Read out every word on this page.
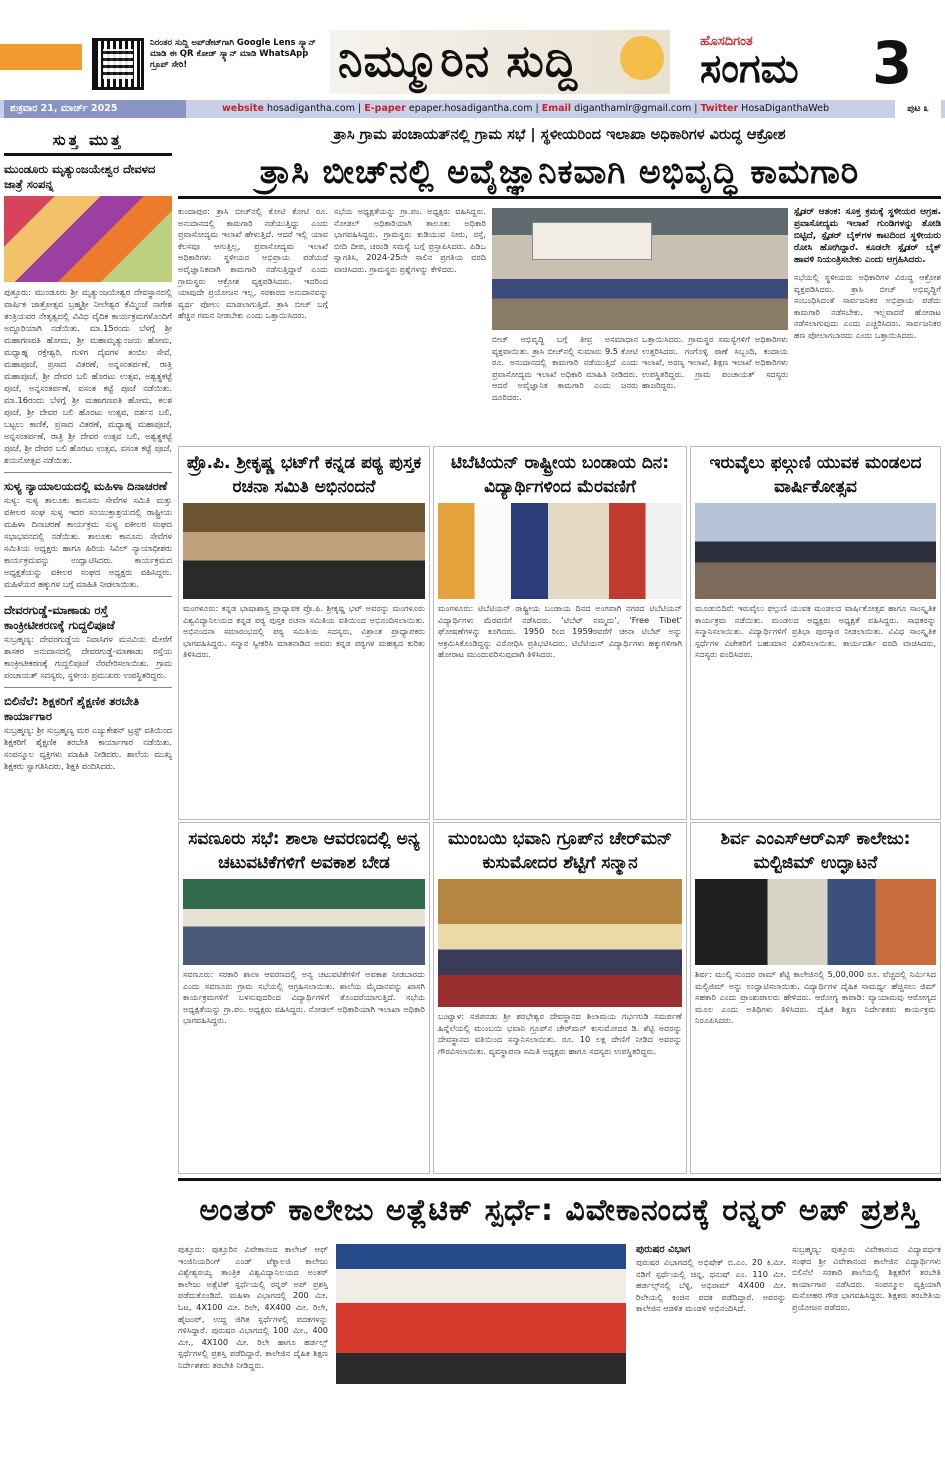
ನಿರಂತರ ಸುದ್ದಿ ಅಪ್‌ಡೇಟ್‌ಗಾಗಿ Google Lens ಸ್ಕ್ಯಾನ್ ಮಾಡಿ ಈ QR ಕೋಡ್ ಸ್ಕ್ಯಾನ್ ಮಾಡಿ WhatsApp ಗ್ರೂಪ್ ಸೇರಿ!	ನಿಮ್ಮೂರಿನ ಸುದ್ದಿ	ಹೊಸದಿಗಂತ
ಸಂಗಮ 3
ಶುಕ್ರವಾರ 21, ಮಾರ್ಚ್ 2025	website hosadigantha.com | E-paper epaper.hosadigantha.com | Email diganthamlr@gmail.com | Twitter HosaDiganthaWeb	ಪುಟ ೩
ಸುತ್ತ ಮುತ್ತ
ಮುಂಡೂರು ಮೃತ್ಯುಂಜಯೇಶ್ವರ ದೇವಳದ ಜಾತ್ರೆ ಸಂಪನ್ನ
ಪುತ್ತೂರು: ಮುಂಡೂರು ಶ್ರೀ ಮೃತ್ಯುಂಜಯೇಶ್ವರ ದೇವಸ್ಥಾನದಲ್ಲಿ ವಾರ್ಷಿಕ ಜಾತ್ರೋತ್ಸವ ಬ್ರಹ್ಮಶ್ರೀ ನೀಲೇಶ್ವರ ಕೆಮ್ಮಿಂಜೆ ನಾಗೇಶ ತಂತ್ರಿಯವರ ನೇತೃತ್ವದಲ್ಲಿ ವಿವಿಧ ವೈದಿಕ ಕಾರ್ಯಕ್ರಮಗಳೊಂದಿಗೆ ಅದ್ದೂರಿಯಾಗಿ ನಡೆಯಿತು. ಮಾ.15ರಂದು ಬೆಳಗ್ಗೆ ಶ್ರೀ ಮಹಾಗಣಪತಿ ಹೋಮ, ಶ್ರೀ ಮಹಾಮೃತ್ಯುಂಜಯ ಹೋಮ, ಮಧ್ಯಾಹ್ನ ರಕ್ತೇಶ್ವರಿ, ಗುಳಿಗ ದೈವಗಳ ತಂಬಿಲ ಸೇವೆ, ಮಹಾಪೂಜೆ, ಪ್ರಸಾದ ವಿತರಣೆ, ಅನ್ನಸಂತರ್ಪಣೆ, ರಾತ್ರಿ ಮಹಾಪೂಜೆ, ಶ್ರೀ ದೇವರ ಬಲಿ ಹೊರಟು ಉತ್ಸವ, ಅಶ್ವತ್ಥಕಟ್ಟೆ ಪೂಜೆ, ಅನ್ನಸಂತರ್ಪಣೆ, ವಸಂತ ಕಟ್ಟೆ ಪೂಜೆ ನಡೆಯಿತು. ಮಾ.16ರಂದು ಬೆಳಗ್ಗೆ ಶ್ರೀ ಮಹಾಗಣಪತಿ ಹೋಮ, ಕಲಶ ಪೂಜೆ, ಶ್ರೀ ದೇವರ ಬಲಿ ಹೊರಟು ಉತ್ಸವ, ದರ್ಶನ ಬಲಿ, ಬಟ್ಟಲು ಕಾಣಿಕೆ, ಪ್ರಸಾದ ವಿತರಣೆ, ಮಧ್ಯಾಹ್ನ ಮಹಾಪೂಜೆ, ಅನ್ನಸಂತರ್ಪಣೆ, ರಾತ್ರಿ ಶ್ರೀ ದೇವರ ಉತ್ಸವ ಬಲಿ, ಅಶ್ವತ್ಥಕಟ್ಟೆ ಪೂಜೆ, ಶ್ರೀ ದೇವರ ಬಲಿ ಹೊರಟು ಉತ್ಸವ, ವಸಂತ ಕಟ್ಟೆ ಪೂಜೆ, ಶಯನೋತ್ಸವ ನಡೆಯಿತು.
ಸುಳ್ಯ ನ್ಯಾಯಾಲಯದಲ್ಲಿ ಮಹಿಳಾ ದಿನಾಚರಣೆ
ಸುಳ್ಯ: ಸುಳ್ಯ ತಾಲೂಕು ಕಾನೂನು ಸೇವೆಗಳ ಸಮಿತಿ ಮತ್ತು ವಕೀಲರ ಸಂಘ ಸುಳ್ಯ ಇದರ ಸಂಯುಕ್ತಾಶ್ರಯದಲ್ಲಿ ರಾಷ್ಟ್ರೀಯ ಮಹಿಳಾ ದಿನಾಚರಣೆ ಕಾರ್ಯಕ್ರಮ ಸುಳ್ಯ ವಕೀಲರ ಸಂಘದ ಸಭಾಭವನದಲ್ಲಿ ನಡೆಯಿತು. ತಾಲೂಕು ಕಾನೂನು ಸೇವೆಗಳ ಸಮಿತಿಯ ಅಧ್ಯಕ್ಷರು ಹಾಗೂ ಹಿರಿಯ ಸಿವಿಲ್ ನ್ಯಾಯಾಧೀಶರು ಕಾರ್ಯಕ್ರಮವನ್ನು ಉದ್ಘಾಟಿಸಿದರು. ಕಾರ್ಯಕ್ರಮದ ಅಧ್ಯಕ್ಷತೆಯನ್ನು ವಕೀಲರ ಸಂಘದ ಅಧ್ಯಕ್ಷರು ವಹಿಸಿದ್ದರು. ಮಹಿಳೆಯರ ಹಕ್ಕುಗಳ ಬಗ್ಗೆ ಮಾಹಿತಿ ನೀಡಲಾಯಿತು.
ದೇವರಗುಡ್ಡೆ-ಮಾಣಾಡು ರಸ್ತೆ ಕಾಂಕ್ರೀಟೀಕರಣಕ್ಕೆ ಗುದ್ದಲಿಪೂಜೆ
ಸುಬ್ರಹ್ಮಣ್ಯ: ದೇವರಗುಡ್ಡೆಯ ನಿವಾಸಿಗಳ ಮನವಿಯ ಮೇರೆಗೆ ಶಾಸಕರ ಅನುದಾನದಲ್ಲಿ ದೇವರಗುಡ್ಡೆ-ಮಾಣಾಡು ರಸ್ತೆಯ ಕಾಂಕ್ರೀಟೀಕರಣಕ್ಕೆ ಗುದ್ದಲಿಪೂಜೆ ನೆರವೇರಿಸಲಾಯಿತು. ಗ್ರಾಮ ಪಂಚಾಯತ್ ಸದಸ್ಯರು, ಸ್ಥಳೀಯ ಪ್ರಮುಖರು ಉಪಸ್ಥಿತರಿದ್ದರು.
ಬಿಲಿನೆಲೆ: ಶಿಕ್ಷಕರಿಗೆ ಶೈಕ್ಷಣಿಕ ತರಬೇತಿ ಕಾರ್ಯಾಗಾರ
ಸುಬ್ರಹ್ಮಣ್ಯ: ಶ್ರೀ ಸುಬ್ರಹ್ಮಣ್ಯ ಮಠ ಎಜ್ಯುಕೇಶನ್ ಟ್ರಸ್ಟ್ ವತಿಯಿಂದ ಶಿಕ್ಷಕರಿಗೆ ಶೈಕ್ಷಣಿಕ ತರಬೇತಿ ಕಾರ್ಯಾಗಾರ ನಡೆಯಿತು. ಸಂಪನ್ಮೂಲ ವ್ಯಕ್ತಿಗಳು ಮಾಹಿತಿ ನೀಡಿದರು. ಶಾಲೆಯ ಮುಖ್ಯ ಶಿಕ್ಷಕರು ಸ್ವಾಗತಿಸಿದರು, ಶಿಕ್ಷಕಿ ವಂದಿಸಿದರು.
ತ್ರಾಸಿ ಗ್ರಾಮ ಪಂಚಾಯತ್‌ನಲ್ಲಿ ಗ್ರಾಮ ಸಭೆ | ಸ್ಥಳೀಯರಿಂದ ಇಲಾಖಾ ಅಧಿಕಾರಿಗಳ ವಿರುದ್ಧ ಆಕ್ರೋಶ
ತ್ರಾಸಿ ಬೀಚ್‌ನಲ್ಲಿ ಅವೈಜ್ಞಾನಿಕವಾಗಿ ಅಭಿವೃದ್ಧಿ ಕಾಮಗಾರಿ
ಕುಂದಾಪುರ: ತ್ರಾಸಿ ಬೀಚ್‌ನಲ್ಲಿ ಕೋಟಿ ಕೋಟಿ ರೂ. ಅನುದಾನದಲ್ಲಿ ಕಾಮಗಾರಿ ನಡೆಯುತ್ತಿದ್ದು ಎಂದು ಪ್ರವಾಸೋದ್ಯಮ ಇಲಾಖೆ ಹೇಳುತ್ತಿದೆ. ಆದರೆ ಇಲ್ಲಿ ಯಾವ ಕೆಲಸವೂ ಆಗುತ್ತಿಲ್ಲ, ಪ್ರವಾಸೋದ್ಯಮ ಇಲಾಖೆ ಅಧಿಕಾರಿಗಳು ಸ್ಥಳೀಯರ ಅಭಿಪ್ರಾಯ ಪಡೆಯದೆ ಅವೈಜ್ಞಾನಿಕವಾಗಿ ಕಾಮಗಾರಿ ನಡೆಸುತ್ತಿದ್ದಾರೆ ಎಂದು ಗ್ರಾಮಸ್ಥರು ಆಕ್ರೋಶ ವ್ಯಕ್ತಪಡಿಸಿದರು. ಇದರಿಂದ ಯಾವುದೇ ಪ್ರಯೋಜನ ಇಲ್ಲ, ಸರಕಾರದ ಅನುದಾನವನ್ನು ವ್ಯರ್ಥ ಪೋಲು ಮಾಡಲಾಗುತ್ತಿದೆ. ತ್ರಾಸಿ ಬೀಚ್ ಬಗ್ಗೆ ಹೆಚ್ಚಿನ ಗಮನ ನೀಡಬೇಕು ಎಂದು ಒತ್ತಾಯಿಸಿದರು.
ಸಭೆಯ ಅಧ್ಯಕ್ಷತೆಯನ್ನು ಗ್ರಾ.ಪಂ. ಅಧ್ಯಕ್ಷರು ವಹಿಸಿದ್ದರು. ನೋಡಲ್ ಅಧಿಕಾರಿಯಾಗಿ ತಾಲೂಕು ಅಧಿಕಾರಿ ಭಾಗವಹಿಸಿದ್ದರು. ಗ್ರಾಮಸ್ಥರು ಕುಡಿಯುವ ನೀರು, ರಸ್ತೆ, ಬೀದಿ ದೀಪ, ಚರಂಡಿ ಸಮಸ್ಯೆ ಬಗ್ಗೆ ಪ್ರಸ್ತಾಪಿಸಿದರು. ಪಿಡಿಒ ಸ್ವಾಗತಿಸಿ, 2024-25ನೇ ಸಾಲಿನ ಪ್ರಗತಿಯ ವರದಿ ವಾಚಿಸಿದರು. ಗ್ರಾಮಸ್ಥರು ಪ್ರಶ್ನೆಗಳನ್ನು ಕೇಳಿದರು.
ಬೀಚ್ ಅಭಿವೃದ್ಧಿ ಬಗ್ಗೆ ತೀವ್ರ ಅಸಮಾಧಾನ ವ್ಯಕ್ತವಾಯಿತು. ತ್ರಾಸಿ ಬೀಚ್‌ನಲ್ಲಿ ಸುಮಾರು 9.5 ಕೋಟಿ ರೂ. ಅನುದಾನದಲ್ಲಿ ಕಾಮಗಾರಿ ನಡೆಯುತ್ತಿದೆ ಎಂದು ಪ್ರವಾಸೋದ್ಯಮ ಇಲಾಖೆ ಅಧಿಕಾರಿ ಮಾಹಿತಿ ನೀಡಿದರು. ಆದರೆ ಅವೈಜ್ಞಾನಿಕ ಕಾಮಗಾರಿ ಎಂದು ಜನರು ದೂರಿದರು.
ಒತ್ತಾಯಿಸಿದರು. ಗ್ರಾಮಸ್ಥರ ಸಮಸ್ಯೆಗಳಿಗೆ ಅಧಿಕಾರಿಗಳು ಉತ್ತರಿಸಿದರು. ಗಂಗೊಳ್ಳಿ ಠಾಣೆ ಸಿಬ್ಬಂದಿ, ಕಂದಾಯ ಇಲಾಖೆ, ಅರಣ್ಯ ಇಲಾಖೆ, ಶಿಕ್ಷಣ ಇಲಾಖೆ ಅಧಿಕಾರಿಗಳು ಉಪಸ್ಥಿತರಿದ್ದರು. ಗ್ರಾಮ ಪಂಚಾಯತ್ ಸದಸ್ಯರು ಹಾಜರಿದ್ದರು.
ಸ್ಪೈಡರ್ ಆತಂಕ: ಸೂಕ್ತ ಕ್ರಮಕ್ಕೆ ಸ್ಥಳೀಯರ ಆಗ್ರಹ. ಪ್ರವಾಸೋದ್ಯಮ ಇಲಾಖೆ ಗುಂಡಿಗಳನ್ನು ತೋಡಿ ಬಿಟ್ಟಿದೆ, ಸ್ಪೈಡರ್ ಬೈಕ್‌ಗಳ ಕಾಟದಿಂದ ಸ್ಥಳೀಯರು ರೋಸಿ ಹೋಗಿದ್ದಾರೆ. ಕೂಡಲೇ ಸ್ಪೈಡರ್ ಬೈಕ್ ಹಾವಳಿ ನಿಯಂತ್ರಿಸಬೇಕು ಎಂದು ಆಗ್ರಹಿಸಿದರು.
ಸಭೆಯಲ್ಲಿ ಸ್ಥಳೀಯರು ಅಧಿಕಾರಿಗಳ ವಿರುದ್ಧ ಆಕ್ರೋಶ ವ್ಯಕ್ತಪಡಿಸಿದರು. ತ್ರಾಸಿ ಬೀಚ್ ಅಭಿವೃದ್ಧಿಗೆ ಸಂಬಂಧಿಸಿದಂತೆ ಸಾರ್ವಜನಿಕರ ಅಭಿಪ್ರಾಯ ಪಡೆದು ಕಾಮಗಾರಿ ನಡೆಸಬೇಕು. ಇಲ್ಲವಾದರೆ ಹೋರಾಟ ನಡೆಸಲಾಗುವುದು ಎಂದು ಎಚ್ಚರಿಸಿದರು. ಸಾರ್ವಜನಿಕರ ಹಣ ಪೋಲಾಗಬಾರದು ಎಂದು ಒತ್ತಾಯಿಸಿದರು.
ಪ್ರೊ.ಪಿ. ಶ್ರೀಕೃಷ್ಣ ಭಟ್‌ಗೆ ಕನ್ನಡ ಪಠ್ಯ ಪುಸ್ತಕ ರಚನಾ ಸಮಿತಿ ಅಭಿನಂದನೆ
ಮಂಗಳೂರು: ಕನ್ನಡ ಭಾಷಾಶಾಸ್ತ್ರ ಪ್ರಾಧ್ಯಾಪಕ ಪ್ರೊ.ಪಿ. ಶ್ರೀಕೃಷ್ಣ ಭಟ್ ಅವರನ್ನು ಮಂಗಳೂರು ವಿಶ್ವವಿದ್ಯಾನಿಲಯದ ಕನ್ನಡ ಪಠ್ಯ ಪುಸ್ತಕ ರಚನಾ ಸಮಿತಿಯ ವತಿಯಿಂದ ಅಭಿನಂದಿಸಲಾಯಿತು. ಅಭಿನಂದನಾ ಸಮಾರಂಭದಲ್ಲಿ ಪಠ್ಯ ಸಮಿತಿಯ ಸದಸ್ಯರು, ವಿಶ್ರಾಂತ ಪ್ರಾಧ್ಯಾಪಕರು ಭಾಗವಹಿಸಿದ್ದರು. ಸನ್ಮಾನ ಸ್ವೀಕರಿಸಿ ಮಾತನಾಡಿದ ಅವರು ಕನ್ನಡ ಪಠ್ಯಗಳ ಮಹತ್ವದ ಕುರಿತು ತಿಳಿಸಿದರು.
ಟಿಬೆಟಿಯನ್ ರಾಷ್ಟ್ರೀಯ ಬಂಡಾಯ ದಿನ: ವಿದ್ಯಾರ್ಥಿಗಳಿಂದ ಮೆರವಣಿಗೆ
ಮಂಗಳೂರು: ಟಿಬೆಟಿಯನ್ ರಾಷ್ಟ್ರೀಯ ಬಂಡಾಯ ದಿನದ ಅಂಗವಾಗಿ ನಗರದ ಟಿಬೆಟಿಯನ್ ವಿದ್ಯಾರ್ಥಿಗಳು ಮೆರವಣಿಗೆ ನಡೆಸಿದರು. 'ಟಿಬೆಟ್ ನಮ್ಮದು', 'Free Tibet' ಘೋಷಣೆಗಳನ್ನು ಕೂಗಿದರು. 1950 ರಿಂದ 1959ರವರೆಗೆ ಚೀನಾ ಟಿಬೆಟ್ ಅನ್ನು ಆಕ್ರಮಿಸಿಕೊಂಡಿದ್ದನ್ನು ವಿರೋಧಿಸಿ ಪ್ರತಿಭಟಿಸಿದರು. ಟಿಬೆಟಿಯನ್ ವಿದ್ಯಾರ್ಥಿಗಳು ಹಕ್ಕುಗಳಿಗಾಗಿ ಹೋರಾಟ ಮುಂದುವರಿಸುವುದಾಗಿ ತಿಳಿಸಿದರು.
ಇರುವೈಲು ಫಲ್ಗುಣಿ ಯುವಕ ಮಂಡಲದ ವಾರ್ಷಿಕೋತ್ಸವ
ಮೂಡುಬಿದಿರೆ: ಇರುವೈಲು ಫಲ್ಗುಣಿ ಯುವಕ ಮಂಡಲದ ವಾರ್ಷಿಕೋತ್ಸವ ಹಾಗೂ ಸಾಂಸ್ಕೃತಿಕ ಕಾರ್ಯಕ್ರಮ ನಡೆಯಿತು. ಮಂಡಲದ ಅಧ್ಯಕ್ಷರು ಅಧ್ಯಕ್ಷತೆ ವಹಿಸಿದ್ದರು. ಸಾಧಕರನ್ನು ಸನ್ಮಾನಿಸಲಾಯಿತು. ವಿದ್ಯಾರ್ಥಿಗಳಿಗೆ ಪ್ರತಿಭಾ ಪುರಸ್ಕಾರ ನೀಡಲಾಯಿತು. ವಿವಿಧ ಸಾಂಸ್ಕೃತಿಕ ಸ್ಪರ್ಧೆಗಳ ವಿಜೇತರಿಗೆ ಬಹುಮಾನ ವಿತರಿಸಲಾಯಿತು. ಕಾರ್ಯದರ್ಶಿ ವರದಿ ವಾಚಿಸಿದರು, ಸದಸ್ಯರು ವಂದಿಸಿದರು.
ಸವಣೂರು ಸಭೆ: ಶಾಲಾ ಆವರಣದಲ್ಲಿ ಅನ್ಯ ಚಟುವಟಿಕೆಗಳಿಗೆ ಅವಕಾಶ ಬೇಡ
ಸವಣೂರು: ಸರಕಾರಿ ಶಾಲಾ ಆವರಣದಲ್ಲಿ ಅನ್ಯ ಚಟುವಟಿಕೆಗಳಿಗೆ ಅವಕಾಶ ನೀಡಬಾರದು ಎಂದು ಸವಣೂರು ಗ್ರಾಮ ಸಭೆಯಲ್ಲಿ ಆಗ್ರಹಿಸಲಾಯಿತು. ಶಾಲೆಯ ಮೈದಾನವನ್ನು ಖಾಸಗಿ ಕಾರ್ಯಕ್ರಮಗಳಿಗೆ ಬಳಸುವುದರಿಂದ ವಿದ್ಯಾರ್ಥಿಗಳಿಗೆ ತೊಂದರೆಯಾಗುತ್ತಿದೆ. ಸಭೆಯ ಅಧ್ಯಕ್ಷತೆಯನ್ನು ಗ್ರಾ.ಪಂ. ಅಧ್ಯಕ್ಷರು ವಹಿಸಿದ್ದರು. ನೋಡಲ್ ಅಧಿಕಾರಿಯಾಗಿ ಇಲಾಖಾ ಅಧಿಕಾರಿ ಭಾಗವಹಿಸಿದ್ದರು.
ಮುಂಬಯಿ ಭವಾನಿ ಗ್ರೂಪ್‌ನ ಚೇರ್‌ಮನ್ ಕುಸುಮೋದರ ಶೆಟ್ಟಿಗೆ ಸನ್ಮಾನ
ಬಂಟ್ವಾಳ: ಸಜಿಪನಡು ಶ್ರೀ ಶರಭೇಶ್ವರ ದೇವಸ್ಥಾನದ ಶಿಲಾಮಯ ಗರ್ಭಗುಡಿ ಸಮರ್ಪಣೆ ಹಿನ್ನೆಲೆಯಲ್ಲಿ ಮುಂಬಯಿ ಭವಾನಿ ಗ್ರೂಪ್‌ನ ಚೇರ್‌ಮನ್ ಕುಸುಮೋದರ ಡಿ. ಶೆಟ್ಟಿ ಅವರನ್ನು ದೇವಸ್ಥಾನದ ವತಿಯಿಂದ ಸನ್ಮಾನಿಸಲಾಯಿತು. ರೂ. 10 ಲಕ್ಷ ದೇಣಿಗೆ ನೀಡಿದ ಅವರನ್ನು ಗೌರವಿಸಲಾಯಿತು. ವ್ಯವಸ್ಥಾಪನಾ ಸಮಿತಿ ಅಧ್ಯಕ್ಷರು ಹಾಗೂ ಸದಸ್ಯರು ಉಪಸ್ಥಿತರಿದ್ದರು.
ಶಿರ್ವ ಎಂಎಸ್‌ಆರ್‌ಎಸ್ ಕಾಲೇಜು: ಮಲ್ಟಿಜಿಮ್ ಉದ್ಘಾಟನೆ
ಶಿರ್ವ: ಮುಲ್ಕಿ ಸುಂದರ ರಾಮ್ ಶೆಟ್ಟಿ ಕಾಲೇಜಿನಲ್ಲಿ 5,00,000 ರೂ. ವೆಚ್ಚದಲ್ಲಿ ನಿರ್ಮಿಸಿದ ಮಲ್ಟಿಜಿಮ್ ಅನ್ನು ಉದ್ಘಾಟಿಸಲಾಯಿತು. ವಿದ್ಯಾರ್ಥಿಗಳ ದೈಹಿಕ ಸಾಮರ್ಥ್ಯ ಹೆಚ್ಚಿಸಲು ಜಿಮ್ ಸಹಕಾರಿ ಎಂದು ಪ್ರಾಂಶುಪಾಲರು ಹೇಳಿದರು. ಆರೋಗ್ಯ ಕಾಪಾಡಿ: ವ್ಯಾಯಾಮವು ಆರೋಗ್ಯದ ಮೂಲ ಎಂದು ಅತಿಥಿಗಳು ತಿಳಿಸಿದರು. ದೈಹಿಕ ಶಿಕ್ಷಣ ನಿರ್ದೇಶಕರು ಕಾರ್ಯಕ್ರಮ ನಿರೂಪಿಸಿದರು.
ಅಂತರ್ ಕಾಲೇಜು ಅತ್ಲೆಟಿಕ್ ಸ್ಪರ್ಧೆ: ವಿವೇಕಾನಂದಕ್ಕೆ ರನ್ನರ್ ಅಪ್ ಪ್ರಶಸ್ತಿ
ಪುತ್ತೂರು: ಪುತ್ತೂರಿನ ವಿವೇಕಾನಂದ ಕಾಲೇಜ್ ಆಫ್ ಇಂಜಿನಿಯರಿಂಗ್ ಎಂಡ್ ಟೆಕ್ನಾಲಜಿ ಕಾಲೇಜು ವಿಶ್ವೇಶ್ವರಯ್ಯ ತಾಂತ್ರಿಕ ವಿಶ್ವವಿದ್ಯಾನಿಲಯದ ಅಂತರ್ ಕಾಲೇಜು ಅತ್ಲೆಟಿಕ್ ಸ್ಪರ್ಧೆಯಲ್ಲಿ ರನ್ನರ್ ಅಪ್ ಪ್ರಶಸ್ತಿ ಪಡೆದುಕೊಂಡಿದೆ. ಮಹಿಳಾ ವಿಭಾಗದಲ್ಲಿ 200 ಮೀ. ಓಟ, 4X100 ಮೀ. ರಿಲೇ, 4X400 ಮೀ. ರಿಲೇ, ಹೈಜಂಪ್, ಉದ್ದ ಜಿಗಿತ ಸ್ಪರ್ಧೆಗಳಲ್ಲಿ ಪದಕಗಳನ್ನು ಗಳಿಸಿದ್ದಾರೆ. ಪುರುಷರ ವಿಭಾಗದಲ್ಲಿ 100 ಮೀ., 400 ಮೀ., 4X100 ಮೀ. ರಿಲೇ ಹಾಗೂ ಹರ್ಡಲ್ಸ್ ಸ್ಪರ್ಧೆಗಳಲ್ಲಿ ಪ್ರಶಸ್ತಿ ಪಡೆದಿದ್ದಾರೆ. ಕಾಲೇಜಿನ ದೈಹಿಕ ಶಿಕ್ಷಣ ನಿರ್ದೇಶಕರು ತರಬೇತಿ ನೀಡಿದ್ದರು.
ಪುರುಷರ ವಿಭಾಗ
ಪುರುಷರ ವಿಭಾಗದಲ್ಲಿ ಅಭಿಷೇಕ್ ಬಿ.ಎಂ. 20 ಕಿ.ಮೀ. ನಡಿಗೆ ಸ್ಪರ್ಧೆಯಲ್ಲಿ ಚಿನ್ನ, ಧನುಷ್ ಎಂ. 110 ಮೀ. ಹರ್ಡಲ್ಸ್‌ನಲ್ಲಿ ಬೆಳ್ಳಿ, ಅಭಿರಾಮ್ 4X400 ಮೀ. ರಿಲೇಯಲ್ಲಿ ಕಂಚಿನ ಪದಕ ಪಡೆದಿದ್ದಾರೆ. ಅವರನ್ನು ಕಾಲೇಜಿನ ಆಡಳಿತ ಮಂಡಳಿ ಅಭಿನಂದಿಸಿದೆ.
ಸುಬ್ರಹ್ಮಣ್ಯ: ಪುತ್ತೂರು ವಿವೇಕಾನಂದ ವಿದ್ಯಾವರ್ಧಕ ಸಂಘದ ಶ್ರೀ ವಿವೇಕಾನಂದ ಕಾಲೇಜಿನ ವಿದ್ಯಾರ್ಥಿಗಳು ಬಿಲಿನೆಲೆ ಸರಕಾರಿ ಶಾಲೆಯಲ್ಲಿ ಶಿಕ್ಷಕರಿಗೆ ತರಬೇತಿ ಕಾರ್ಯಾಗಾರ ನಡೆಸಿದರು. ಸಂಪನ್ಮೂಲ ವ್ಯಕ್ತಿಯಾಗಿ ಮನೋಹರ ಗೌಡ ಭಾಗವಹಿಸಿದ್ದರು. ಶಿಕ್ಷಕರು ತರಬೇತಿಯ ಪ್ರಯೋಜನ ಪಡೆದರು.
